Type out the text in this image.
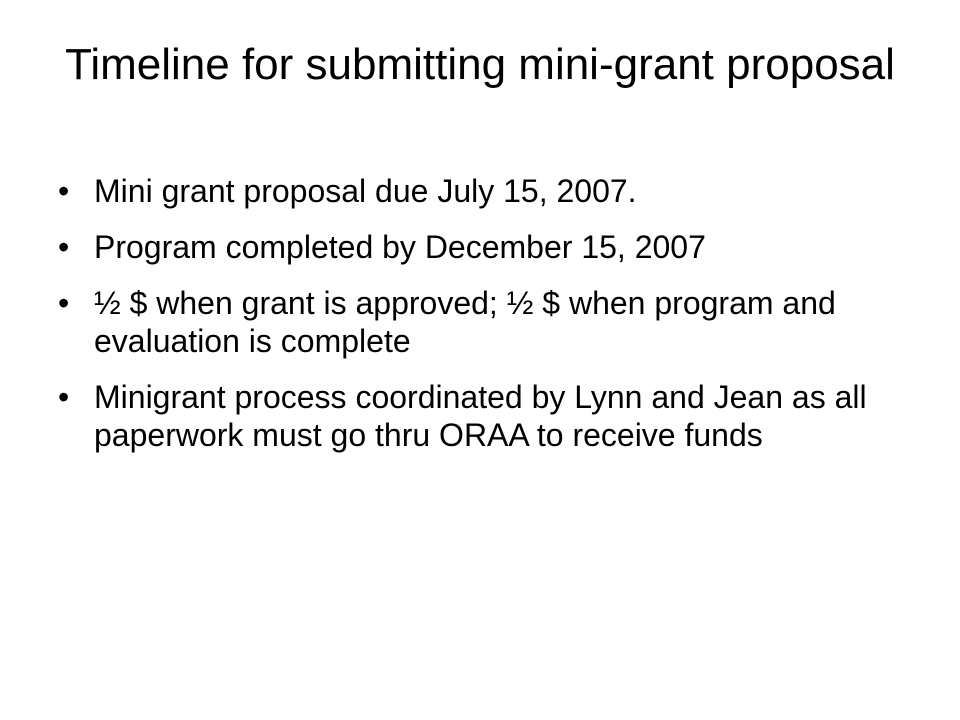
Timeline for submitting mini-grant proposal
• Mini grant proposal due July 15, 2007.
• Program completed by December 15, 2007
• ½ $ when grant is approved; ½ $ when program and evaluation is complete
• Minigrant process coordinated by Lynn and Jean as all paperwork must go thru ORAA to receive funds
